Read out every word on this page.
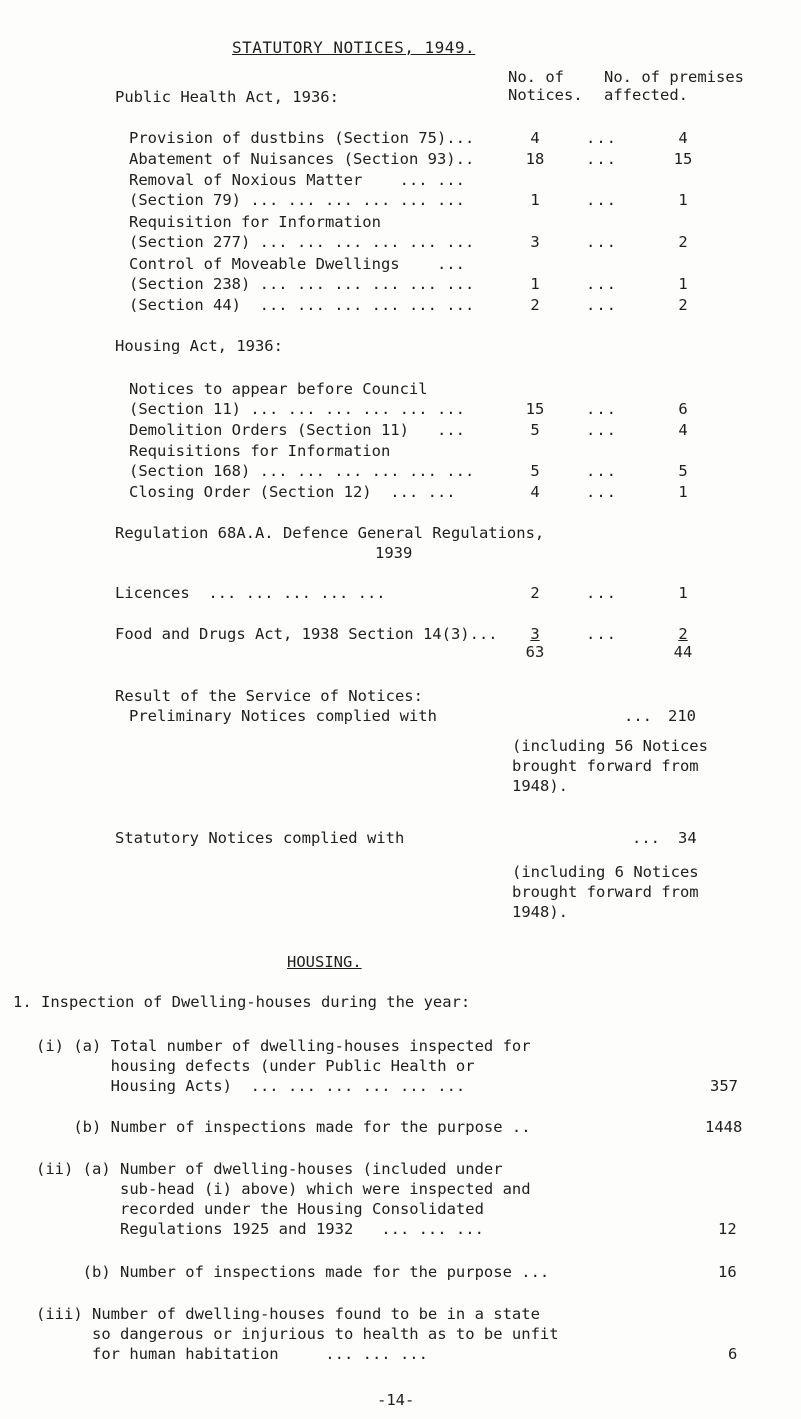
STATUTORY NOTICES, 1949.
No. of
Notices.
No. of premises
affected.
Public Health Act, 1936:
Provision of dustbins (Section 75)...	4	...	4
Abatement of Nuisances (Section 93)..	18	...	15
Removal of Noxious Matter    ... ...
(Section 79) ... ... ... ... ... ...	1	...	1
Requisition for Information
(Section 277) ... ... ... ... ... ...	3	...	2
Control of Moveable Dwellings    ...
(Section 238) ... ... ... ... ... ...	1	...	1
(Section 44)  ... ... ... ... ... ...	2	...	2
Housing Act, 1936:
Notices to appear before Council
(Section 11) ... ... ... ... ... ...	15	...	6
Demolition Orders (Section 11)   ...	5	...	4
Requisitions for Information
(Section 168) ... ... ... ... ... ...	5	...	5
Closing Order (Section 12)  ... ...	4	...	1
Regulation 68A.A. Defence General Regulations,
1939
Licences  ... ... ... ... ...	2	...	1
Food and Drugs Act, 1938 Section 14(3)...	3	...	2
63	44
Result of the Service of Notices:
Preliminary Notices complied with	... 210
(including 56 Notices
brought forward from
1948).
Statutory Notices complied with	... 34
(including 6 Notices
brought forward from
1948).
HOUSING.
1. Inspection of Dwelling-houses during the year:
(i) (a) Total number of dwelling-houses inspected for
housing defects (under Public Health or
Housing Acts)  ... ... ... ... ... ...	357
(b) Number of inspections made for the purpose ..	1448
(ii) (a) Number of dwelling-houses (included under
sub-head (i) above) which were inspected and
recorded under the Housing Consolidated
Regulations 1925 and 1932   ... ... ...	12
(b) Number of inspections made for the purpose ...	16
(iii) Number of dwelling-houses found to be in a state
so dangerous or injurious to health as to be unfit
for human habitation     ... ... ...	6
-14-
